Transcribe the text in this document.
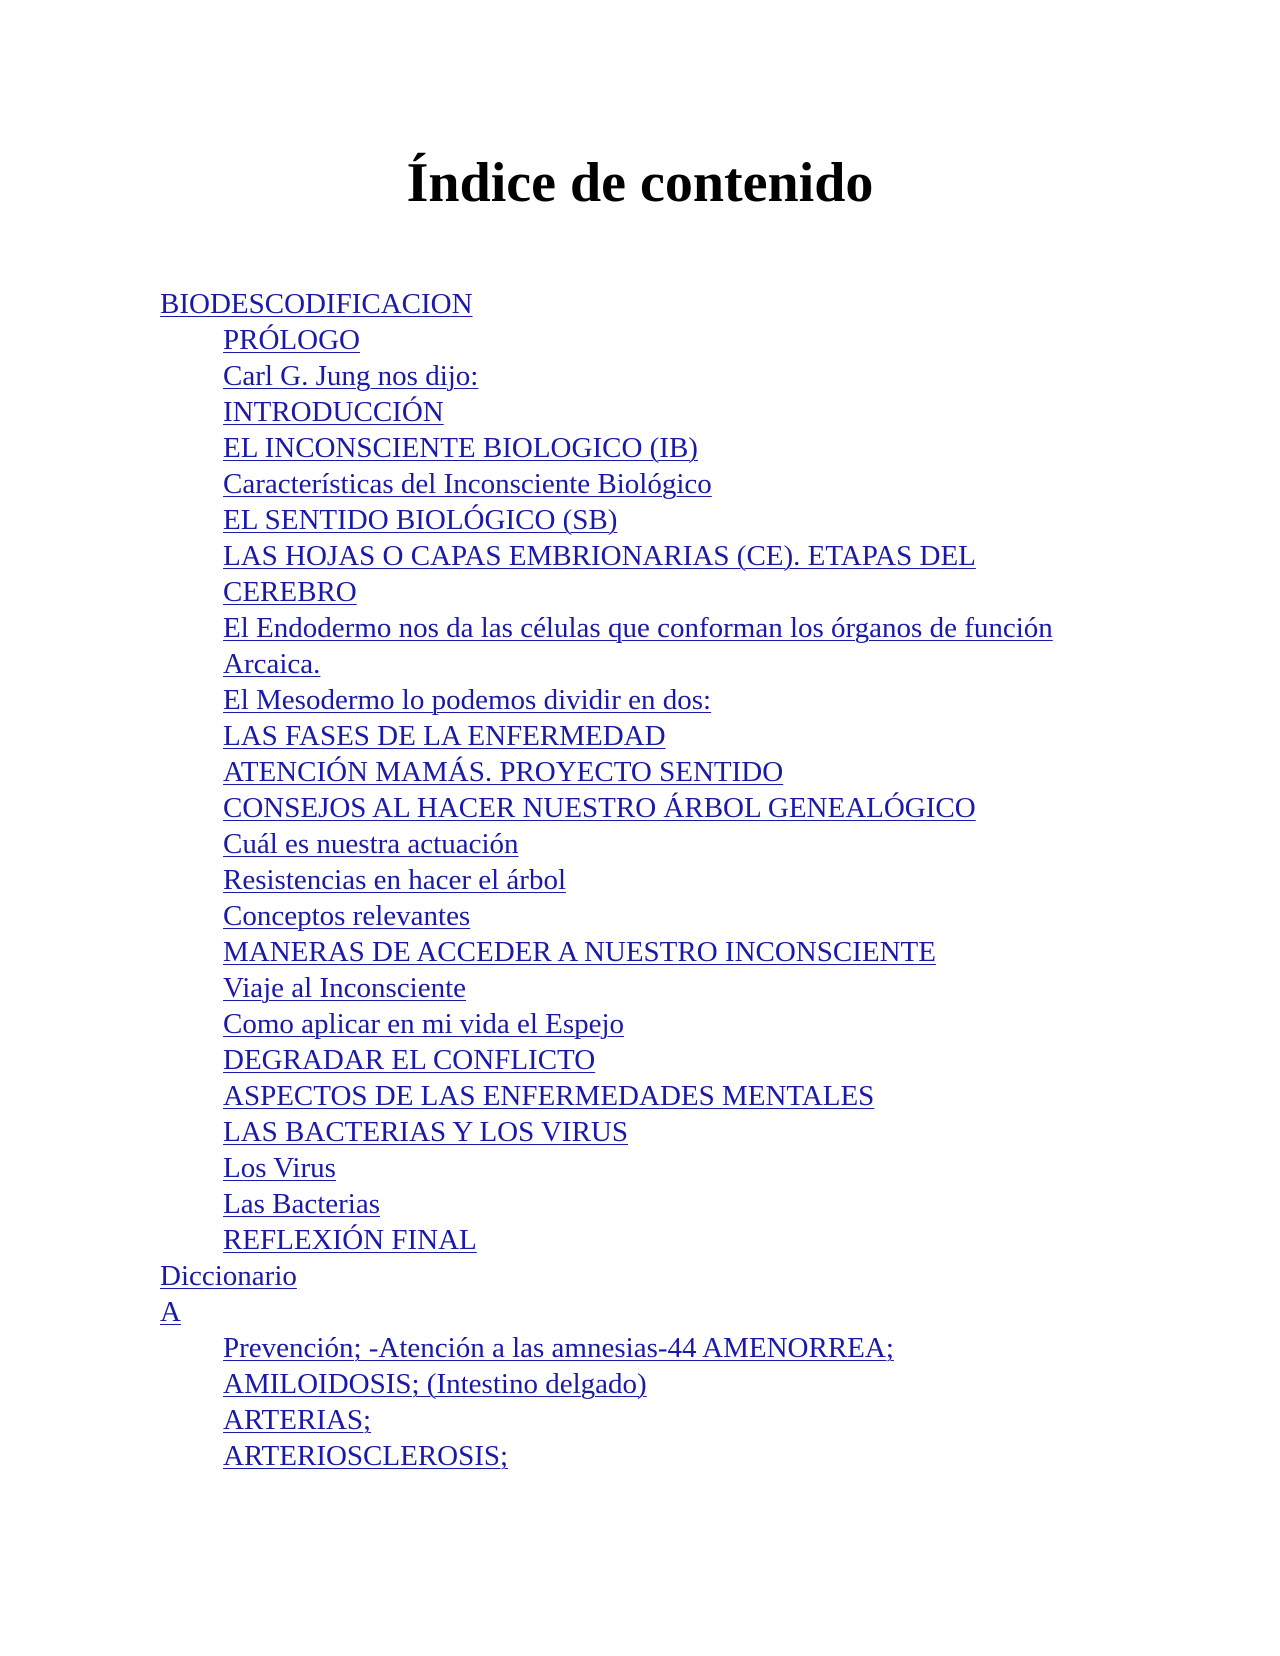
Índice de contenido
BIODESCODIFICACION
PRÓLOGO
Carl G. Jung nos dijo:
INTRODUCCIÓN
EL INCONSCIENTE BIOLOGICO (IB)
Características del Inconsciente Biológico
EL SENTIDO BIOLÓGICO (SB)
LAS HOJAS O CAPAS EMBRIONARIAS (CE). ETAPAS DEL CEREBRO
El Endodermo nos da las células que conforman los órganos de función Arcaica.
El Mesodermo lo podemos dividir en dos:
LAS FASES DE LA ENFERMEDAD
ATENCIÓN MAMÁS. PROYECTO SENTIDO
CONSEJOS AL HACER NUESTRO ÁRBOL GENEALÓGICO
Cuál es nuestra actuación
Resistencias en hacer el árbol
Conceptos relevantes
MANERAS DE ACCEDER A NUESTRO INCONSCIENTE
Viaje al Inconsciente
Como aplicar en mi vida el Espejo
DEGRADAR EL CONFLICTO
ASPECTOS DE LAS ENFERMEDADES MENTALES
LAS BACTERIAS Y LOS VIRUS
Los Virus
Las Bacterias
REFLEXIÓN FINAL
Diccionario
A
Prevención; -Atención a las amnesias-44 AMENORREA;
AMILOIDOSIS; (Intestino delgado)
ARTERIAS;
ARTERIOSCLEROSIS;
